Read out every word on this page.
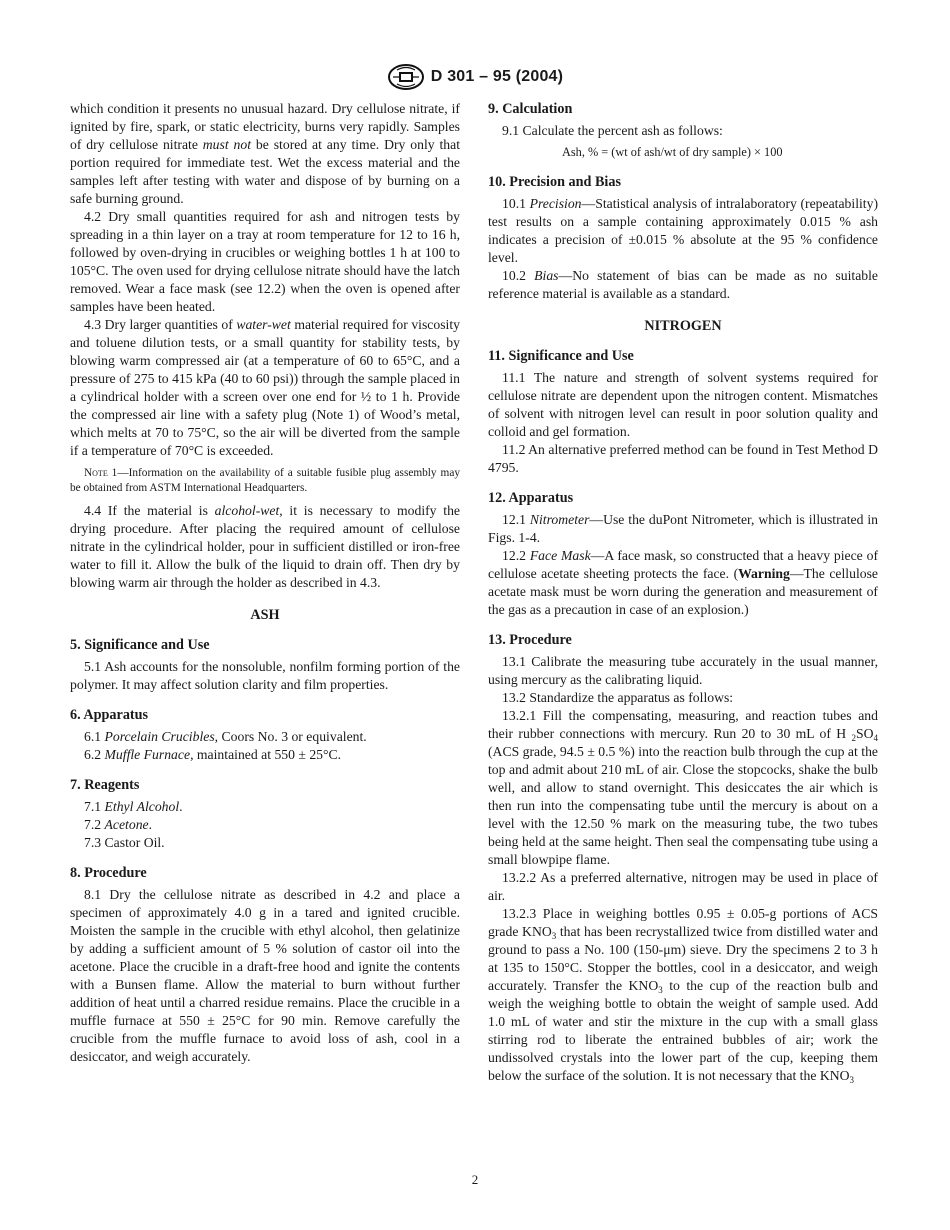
D 301 – 95 (2004)

which condition it presents no unusual hazard. Dry cellulose nitrate, if ignited by fire, spark, or static electricity, burns very rapidly. Samples of dry cellulose nitrate must not be stored at any time. Dry only that portion required for immediate test. Wet the excess material and the samples left after testing with water and dispose of by burning on a safe burning ground.

4.2 Dry small quantities required for ash and nitrogen tests by spreading in a thin layer on a tray at room temperature for 12 to 16 h, followed by oven-drying in crucibles or weighing bottles 1 h at 100 to 105°C. The oven used for drying cellulose nitrate should have the latch removed. Wear a face mask (see 12.2) when the oven is opened after samples have been heated.

4.3 Dry larger quantities of water-wet material required for viscosity and toluene dilution tests, or a small quantity for stability tests, by blowing warm compressed air (at a temperature of 60 to 65°C, and a pressure of 275 to 415 kPa (40 to 60 psi)) through the sample placed in a cylindrical holder with a screen over one end for ½ to 1 h. Provide the compressed air line with a safety plug (Note 1) of Wood’s metal, which melts at 70 to 75°C, so the air will be diverted from the sample if a temperature of 70°C is exceeded.

Note 1—Information on the availability of a suitable fusible plug assembly may be obtained from ASTM International Headquarters.

4.4 If the material is alcohol-wet, it is necessary to modify the drying procedure. After placing the required amount of cellulose nitrate in the cylindrical holder, pour in sufficient distilled or iron-free water to fill it. Allow the bulk of the liquid to drain off. Then dry by blowing warm air through the holder as described in 4.3.

ASH
5. Significance and Use

5.1 Ash accounts for the nonsoluble, nonfilm forming portion of the polymer. It may affect solution clarity and film properties.

6. Apparatus

6.1 Porcelain Crucibles, Coors No. 3 or equivalent.

6.2 Muffle Furnace, maintained at 550 ± 25°C.

7. Reagents

7.1 Ethyl Alcohol.

7.2 Acetone.

7.3 Castor Oil.

8. Procedure

8.1 Dry the cellulose nitrate as described in 4.2 and place a specimen of approximately 4.0 g in a tared and ignited crucible. Moisten the sample in the crucible with ethyl alcohol, then gelatinize by adding a sufficient amount of 5 % solution of castor oil into the acetone. Place the crucible in a draft-free hood and ignite the contents with a Bunsen flame. Allow the material to burn without further addition of heat until a charred residue remains. Place the crucible in a muffle furnace at 550 ± 25°C for 90 min. Remove carefully the crucible from the muffle furnace to avoid loss of ash, cool in a desiccator, and weigh accurately.

9. Calculation

9.1 Calculate the percent ash as follows:

Ash, % = (wt of ash/wt of dry sample) × 100

10. Precision and Bias

10.1 Precision—Statistical analysis of intralaboratory (repeatability) test results on a sample containing approximately 0.015 % ash indicates a precision of ±0.015 % absolute at the 95 % confidence level.

10.2 Bias—No statement of bias can be made as no suitable reference material is available as a standard.

NITROGEN
11. Significance and Use

11.1 The nature and strength of solvent systems required for cellulose nitrate are dependent upon the nitrogen content. Mismatches of solvent with nitrogen level can result in poor solution quality and colloid and gel formation.

11.2 An alternative preferred method can be found in Test Method D 4795.

12. Apparatus

12.1 Nitrometer—Use the duPont Nitrometer, which is illustrated in Figs. 1-4.

12.2 Face Mask—A face mask, so constructed that a heavy piece of cellulose acetate sheeting protects the face. (Warning—The cellulose acetate mask must be worn during the generation and measurement of the gas as a precaution in case of an explosion.)

13. Procedure

13.1 Calibrate the measuring tube accurately in the usual manner, using mercury as the calibrating liquid.

13.2 Standardize the apparatus as follows:

13.2.1 Fill the compensating, measuring, and reaction tubes and their rubber connections with mercury. Run 20 to 30 mL of H $_2SO_4$ (ACS grade, 94.5 ± 0.5 %) into the reaction bulb through the cup at the top and admit about 210 mL of air. Close the stopcocks, shake the bulb well, and allow to stand overnight. This desiccates the air which is then run into the compensating tube until the mercury is about on a level with the 12.50 % mark on the measuring tube, the two tubes being held at the same height. Then seal the compensating tube using a small blowpipe flame.

13.2.2 As a preferred alternative, nitrogen may be used in place of air.

13.2.3 Place in weighing bottles 0.95 ± 0.05-g portions of ACS grade $KNO_3$ that has been recrystallized twice from distilled water and ground to pass a No. 100 (150-μm) sieve. Dry the specimens 2 to 3 h at 135 to 150°C. Stopper the bottles, cool in a desiccator, and weigh accurately. Transfer the $KNO_3$ to the cup of the reaction bulb and weigh the weighing bottle to obtain the weight of sample used. Add 1.0 mL of water and stir the mixture in the cup with a small glass stirring rod to liberate the entrained bubbles of air; work the undissolved crystals into the lower part of the cup, keeping them below the surface of the solution. It is not necessary that the $KNO_3$

2
